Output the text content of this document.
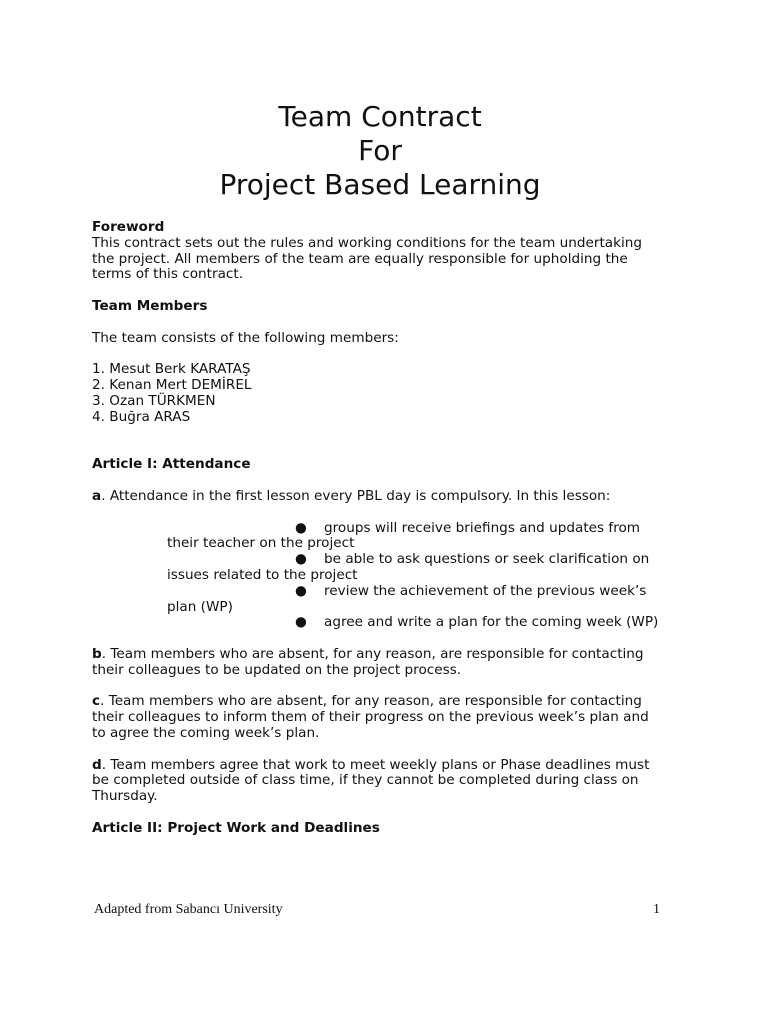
Team Contract
For
Project Based Learning

Foreword

This contract sets out the rules and working conditions for the team undertaking

the project. All members of the team are equally responsible for upholding the

terms of this contract.

Team Members

The team consists of the following members:

1. Mesut Berk KARATAŞ

2. Kenan Mert DEMİREL

3. Ozan TÜRKMEN

4. Buğra ARAS

Article I: Attendance

a. Attendance in the first lesson every PBL day is compulsory. In this lesson:

● groups will receive briefings and updates from
their teacher on the project
● be able to ask questions or seek clarification on
issues related to the project
● review the achievement of the previous week’s
plan (WP)
● agree and write a plan for the coming week (WP)

b. Team members who are absent, for any reason, are responsible for contacting

their colleagues to be updated on the project process.

c. Team members who are absent, for any reason, are responsible for contacting

their colleagues to inform them of their progress on the previous week’s plan and

to agree the coming week’s plan.

d. Team members agree that work to meet weekly plans or Phase deadlines must

be completed outside of class time, if they cannot be completed during class on

Thursday.

Article II: Project Work and Deadlines

Adapted from Sabancı University	1
